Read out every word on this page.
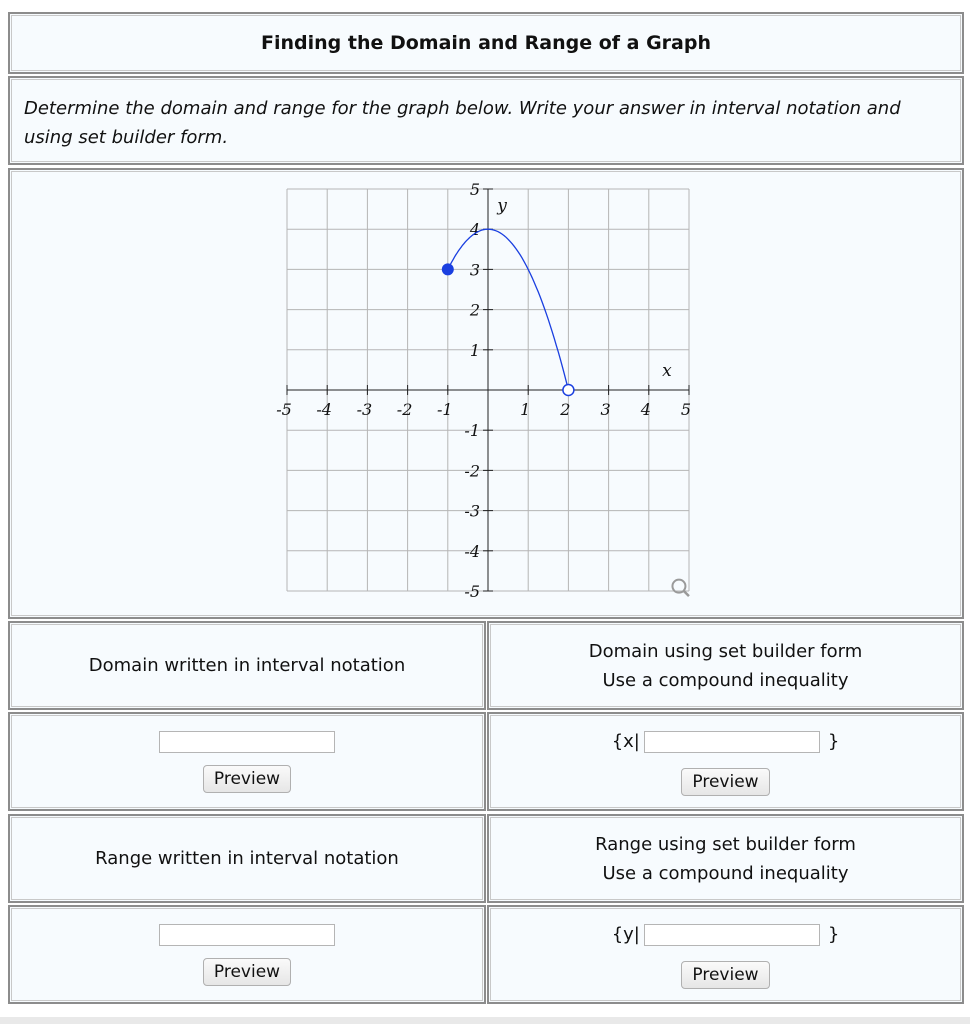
Finding the Domain and Range of a Graph

Determine the domain and range for the graph below. Write your answer in interval notation and using set builder form.

-5 -4 -3 -2 -1	1 2 3 4 5
5
4
3
2
1
-1
-2
-3
-4
-5
y
x
Domain written in interval notation
Domain using set builder form
Use a compound inequality
Preview
{x|	}
Preview
Range written in interval notation
Range using set builder form
Use a compound inequality
Preview
{y|	}
Preview
